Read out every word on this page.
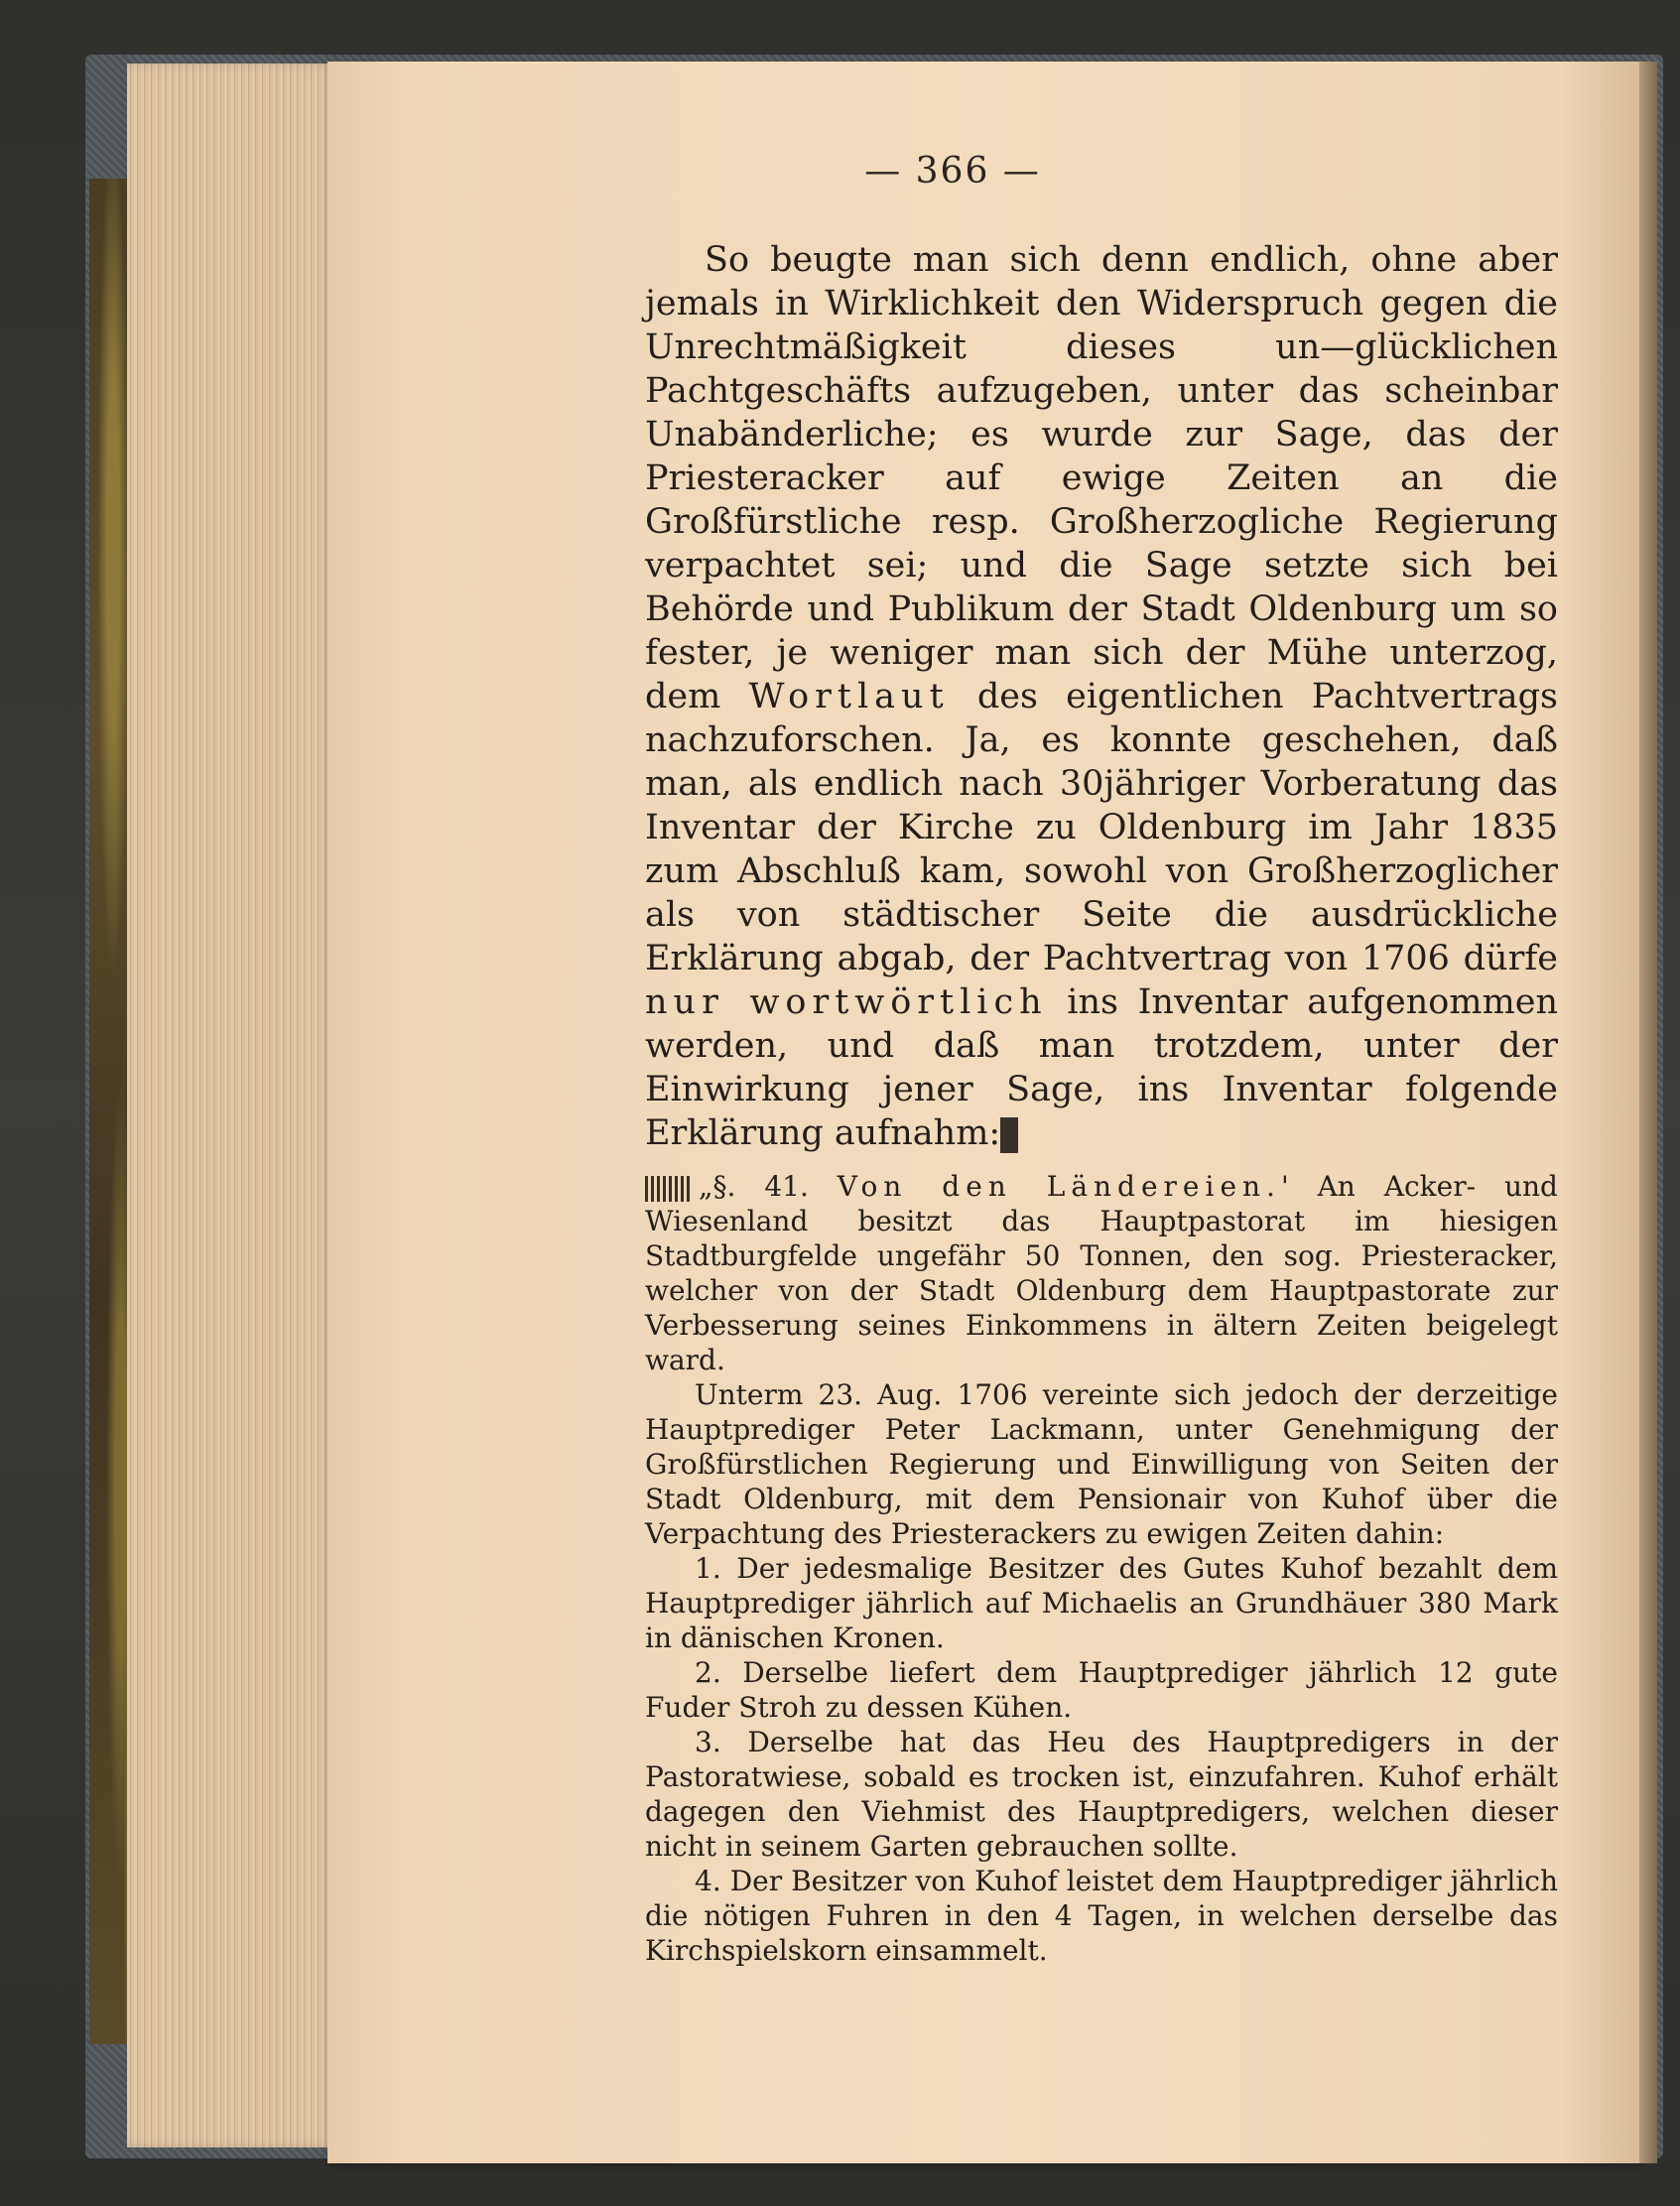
— 366 —

So beugte man sich denn endlich, ohne aber jemals in Wirklichkeit den Widerspruch gegen die Unrechtmäßigkeit dieses un—glücklichen Pachtgeschäfts aufzugeben, unter das scheinbar Unabänderliche; es wurde zur Sage, das der Priesteracker auf ewige Zeiten an die Großfürstliche resp. Großherzogliche Regierung verpachtet sei; und die Sage setzte sich bei Behörde und Publikum der Stadt Oldenburg um so fester, je weniger man sich der Mühe unterzog, dem Wortlaut des eigentlichen Pachtvertrags nachzuforschen. Ja, es konnte geschehen, daß man, als endlich nach 30jähriger Vorberatung das Inventar der Kirche zu Oldenburg im Jahr 1835 zum Abschluß kam, sowohl von Großherzoglicher als von städtischer Seite die ausdrückliche Erklärung abgab, der Pachtvertrag von 1706 dürfe nur wortwörtlich ins Inventar aufgenommen werden, und daß man trotzdem, unter der Einwirkung jener Sage, ins Inventar folgende Erklärung aufnahm:

„§. 41. Von den Ländereien.' An Acker- und Wiesenland besitzt das Hauptpastorat im hiesigen Stadtburgfelde ungefähr 50 Tonnen, den sog. Priesteracker, welcher von der Stadt Oldenburg dem Hauptpastorate zur Verbesserung seines Einkommens in ältern Zeiten beigelegt ward.

Unterm 23. Aug. 1706 vereinte sich jedoch der derzeitige Hauptprediger Peter Lackmann, unter Genehmigung der Großfürstlichen Regierung und Einwilligung von Seiten der Stadt Oldenburg, mit dem Pensionair von Kuhof über die Verpachtung des Priesterackers zu ewigen Zeiten dahin:

1. Der jedesmalige Besitzer des Gutes Kuhof bezahlt dem Hauptprediger jährlich auf Michaelis an Grundhäuer 380 Mark in dänischen Kronen.

2. Derselbe liefert dem Hauptprediger jährlich 12 gute Fuder Stroh zu dessen Kühen.

3. Derselbe hat das Heu des Hauptpredigers in der Pastoratwiese, sobald es trocken ist, einzufahren. Kuhof erhält dagegen den Viehmist des Hauptpredigers, welchen dieser nicht in seinem Garten gebrauchen sollte.

4. Der Besitzer von Kuhof leistet dem Hauptprediger jährlich die nötigen Fuhren in den 4 Tagen, in welchen derselbe das Kirchspielskorn einsammelt.
